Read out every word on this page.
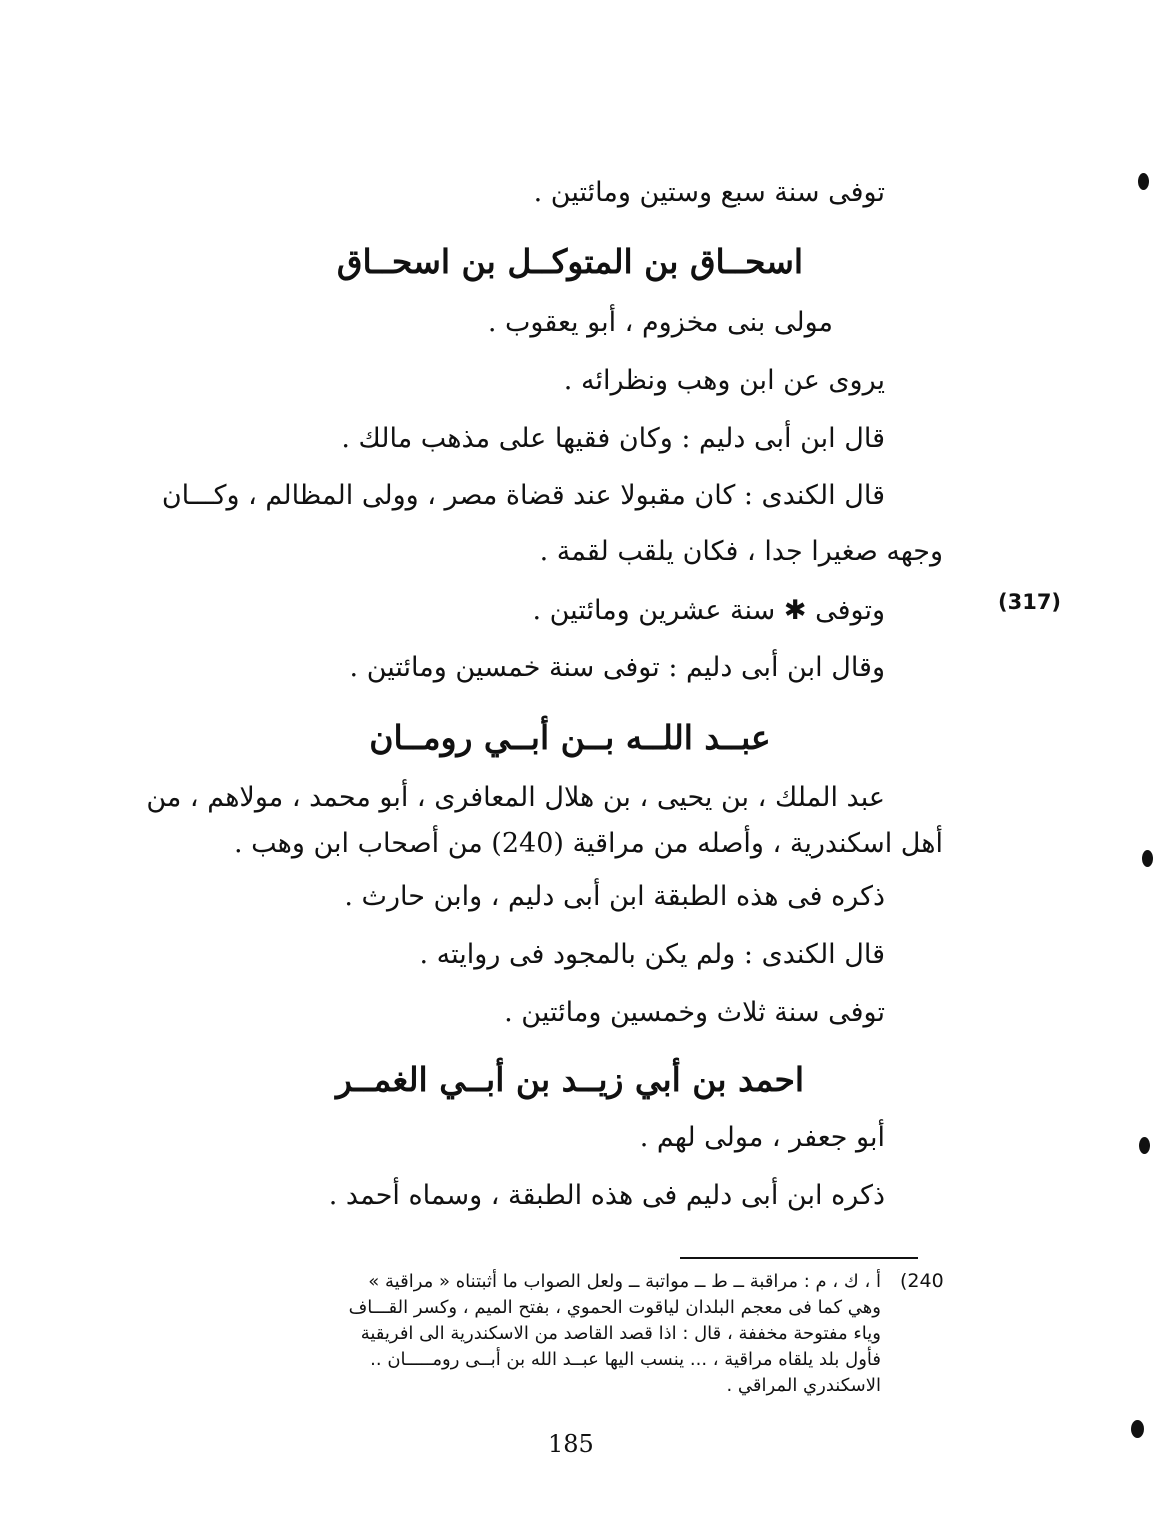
توفى سنة سبع وستين ومائتين .
اسحــاق بن المتوكــل بن اسحــاق
مولى بنى مخزوم ، أبو يعقوب .
يروى عن ابن وهب ونظرائه .
قال ابن أبى دليم : وكان فقيها على مذهب مالك .
قال الكندى : كان مقبولا عند قضاة مصر ، وولى المظالم ، وكـــان
وجهه صغيرا جدا ، فكان يلقب لقمة .
(317)
وتوفى ✱ سنة عشرين ومائتين .
وقال ابن أبى دليم : توفى سنة خمسين ومائتين .
عبــد اللــه بــن أبــي رومــان
عبد الملك ، بن يحيى ، بن هلال المعافرى ، أبو محمد ، مولاهم ، من
أهل اسكندرية ، وأصله من مراقية (240) من أصحاب ابن وهب .
ذكره فى هذه الطبقة ابن أبى دليم ، وابن حارث .
قال الكندى : ولم يكن بالمجود فى روايته .
توفى سنة ثلاث وخمسين ومائتين .
احمد بن أبي زيــد بن أبــي الغمــر
أبو جعفر ، مولى لهم .
ذكره ابن أبى دليم فى هذه الطبقة ، وسماه أحمد .
(240
أ ، ك ، م : مراقبة ــ ط ــ مواتبة ــ ولعل الصواب ما أثبتناه « مراقية »
وهي كما فى معجم البلدان لياقوت الحموي ، بفتح الميم ، وكسر القـــاف
وياء مفتوحة مخففة ، قال : اذا قصد القاصد من الاسكندرية الى افريقية
فأول بلد يلقاه مراقية ، ... ينسب اليها عبــد الله بن أبــى رومـــــان ..
الاسكندري المراقي .
185
